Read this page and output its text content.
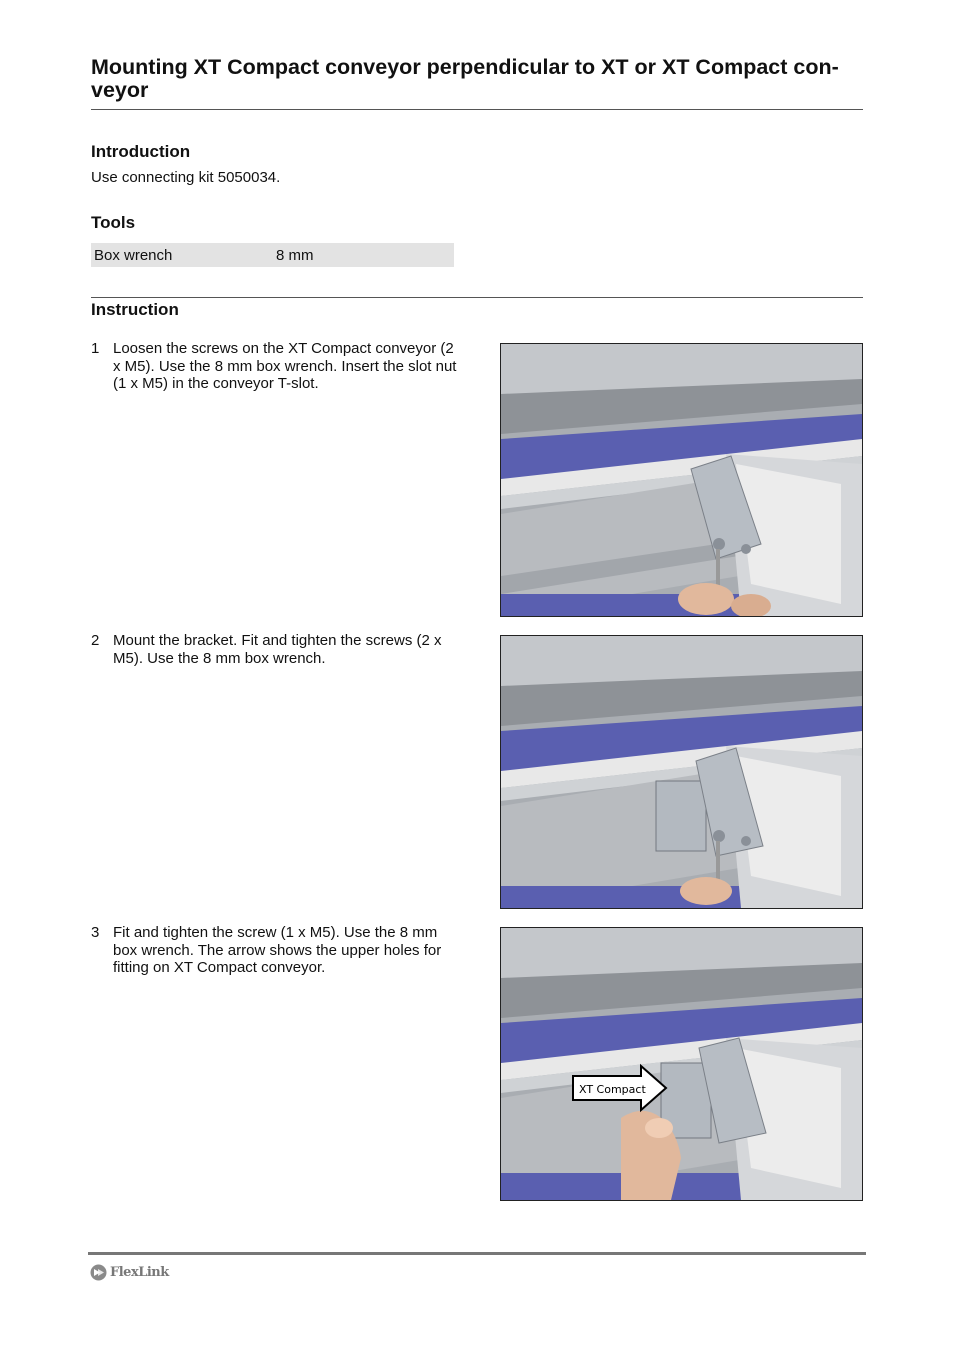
Mounting XT Compact conveyor perpendicular to XT or XT Compact con-veyor
Introduction

Use connecting kit 5050034.

Tools
Box wrench	8 mm
Instruction
1 Loosen the screws on the XT Compact conveyor (2 x M5). Use the 8 mm box wrench. Insert the slot nut (1 x M5) in the conveyor T-slot.
2 Mount the bracket. Fit and tighten the screws (2 x M5). Use the 8 mm box wrench.
3 Fit and tighten the screw (1 x M5). Use the 8 mm box wrench. The arrow shows the upper holes for fitting on XT Compact conveyor.
XT Compact
FlexLink
